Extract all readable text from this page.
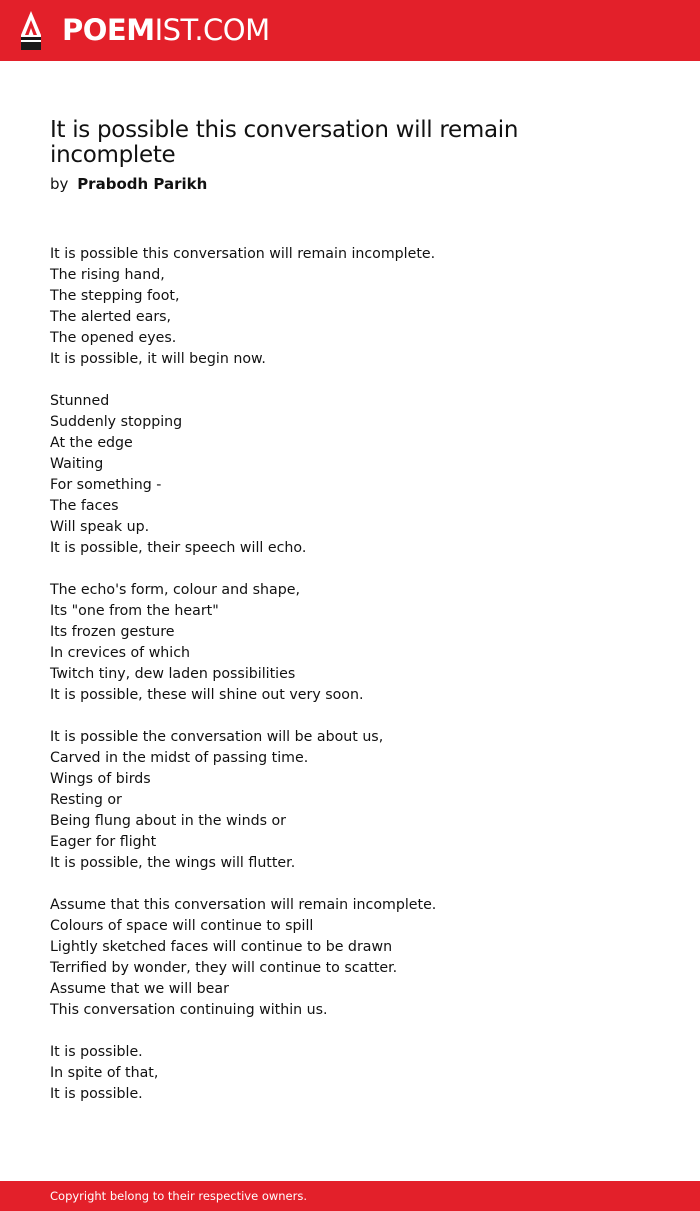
POEMIST.COM
It is possible this conversation will remain incomplete
by Prabodh Parikh
It is possible this conversation will remain incomplete.
The rising hand,
The stepping foot,
The alerted ears,
The opened eyes.
It is possible, it will begin now.
Stunned
Suddenly stopping
At the edge
Waiting
For something -
The faces
Will speak up.
It is possible, their speech will echo.
The echo's form, colour and shape,
Its "one from the heart"
Its frozen gesture
In crevices of which
Twitch tiny, dew laden possibilities
It is possible, these will shine out very soon.
It is possible the conversation will be about us,
Carved in the midst of passing time.
Wings of birds
Resting or
Being flung about in the winds or
Eager for flight
It is possible, the wings will flutter.
Assume that this conversation will remain incomplete.
Colours of space will continue to spill
Lightly sketched faces will continue to be drawn
Terrified by wonder, they will continue to scatter.
Assume that we will bear
This conversation continuing within us.
It is possible.
In spite of that,
It is possible.
Copyright belong to their respective owners.
